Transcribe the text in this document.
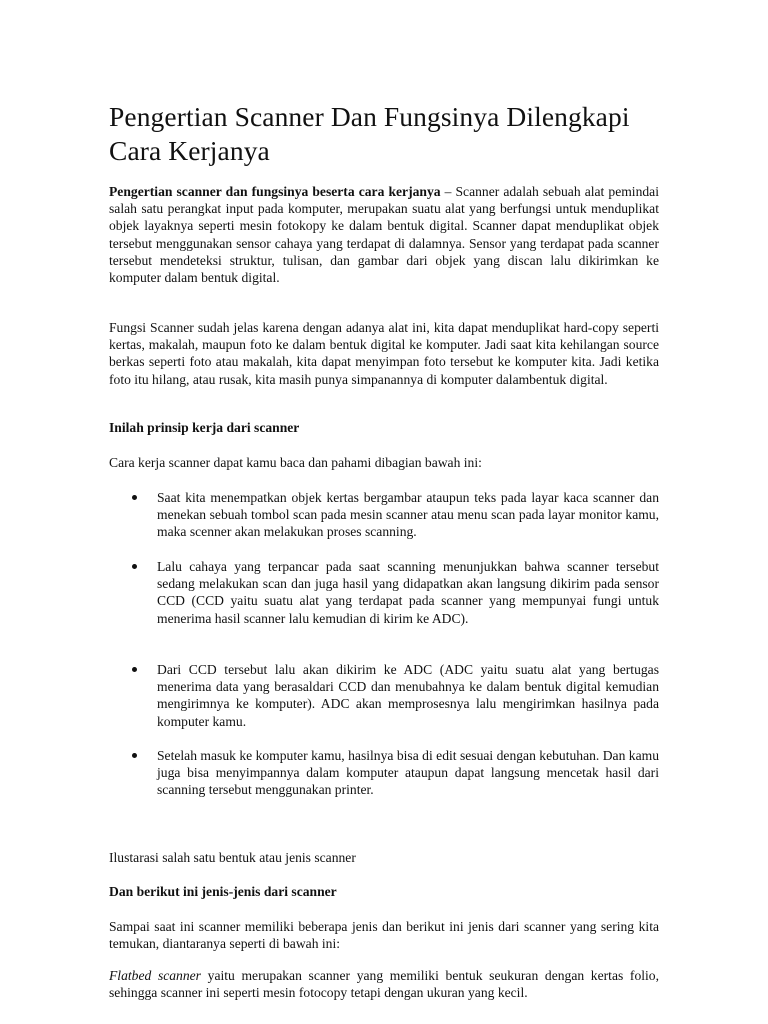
Pengertian Scanner Dan Fungsinya Dilengkapi Cara Kerjanya

Pengertian scanner dan fungsinya beserta cara kerjanya – Scanner adalah sebuah alat pemindai salah satu perangkat input pada komputer, merupakan suatu alat yang berfungsi untuk menduplikat objek layaknya seperti mesin fotokopy ke dalam bentuk digital. Scanner dapat menduplikat objek tersebut menggunakan sensor cahaya yang terdapat di dalamnya. Sensor yang terdapat pada scanner tersebut mendeteksi struktur, tulisan, dan gambar dari objek yang discan lalu dikirimkan ke komputer dalam bentuk digital.

Fungsi Scanner sudah jelas karena dengan adanya alat ini, kita dapat menduplikat hard-copy seperti kertas, makalah, maupun foto ke dalam bentuk digital ke komputer. Jadi saat kita kehilangan source berkas seperti foto atau makalah, kita dapat menyimpan foto tersebut ke komputer kita. Jadi ketika foto itu hilang, atau rusak, kita masih punya simpanannya di komputer dalambentuk digital.

Inilah prinsip kerja dari scanner

Cara kerja scanner dapat kamu baca dan pahami dibagian bawah ini:

Saat kita menempatkan objek kertas bergambar ataupun teks pada layar kaca scanner dan menekan sebuah tombol scan pada mesin scanner atau menu scan pada layar monitor kamu, maka scenner akan melakukan proses scanning.
Lalu cahaya yang terpancar pada saat scanning menunjukkan bahwa scanner tersebut sedang melakukan scan dan juga hasil yang didapatkan akan langsung dikirim pada sensor CCD (CCD yaitu suatu alat yang terdapat pada scanner yang mempunyai fungi untuk menerima hasil scanner lalu kemudian di kirim ke ADC).
Dari CCD tersebut lalu akan dikirim ke ADC (ADC yaitu suatu alat yang bertugas menerima data yang berasaldari CCD dan menubahnya ke dalam bentuk digital kemudian mengirimnya ke komputer). ADC akan memprosesnya lalu mengirimkan hasilnya pada komputer kamu.
Setelah masuk ke komputer kamu, hasilnya bisa di edit sesuai dengan kebutuhan. Dan kamu juga bisa menyimpannya dalam komputer ataupun dapat langsung mencetak hasil dari scanning tersebut menggunakan printer.

Ilustarasi salah satu bentuk atau jenis scanner

Dan berikut ini jenis-jenis dari scanner

Sampai saat ini scanner memiliki beberapa jenis dan berikut ini jenis dari scanner yang sering kita temukan, diantaranya seperti di bawah ini:

Flatbed scanner yaitu merupakan scanner yang memiliki bentuk seukuran dengan kertas folio, sehingga scanner ini seperti mesin fotocopy tetapi dengan ukuran yang kecil.
